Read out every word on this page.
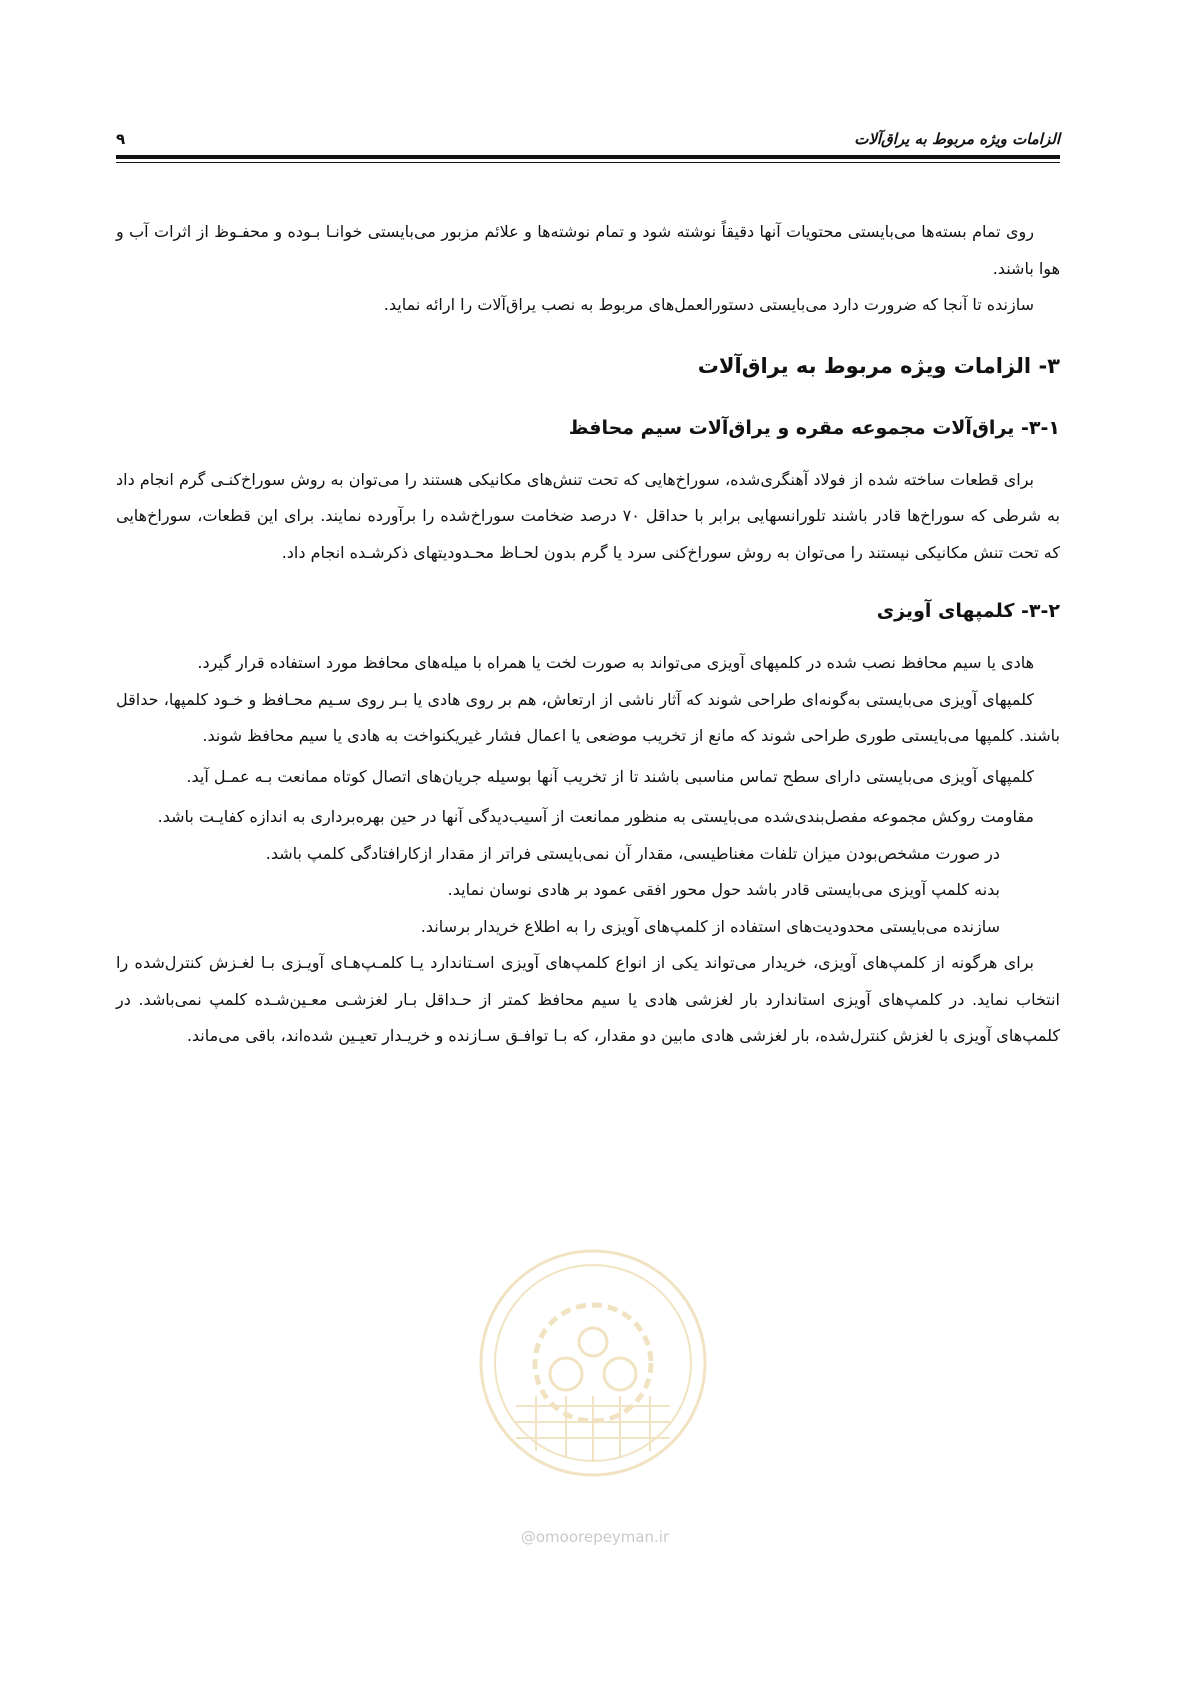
الزامات ویژه مربوط به یراق‌آلات
۹

روی تمام بسته‌ها می‌بایستی محتویات آنها دقیقاً نوشته شود و تمام نوشته‌ها و علائم مزبور می‌بایستی خوانـا بـوده و محفـوظ از اثرات آب و هوا باشند.

سازنده تا آنجا که ضرورت دارد می‌بایستی دستورالعمل‌های مربوط به نصب یراق‌آلات را ارائه نماید.

۳- الزامات ویژه مربوط به یراق‌آلات
۳-۱- یراق‌آلات مجموعه مقره و یراق‌آلات سیم محافظ

برای قطعات ساخته شده از فولاد آهنگری‌شده، سوراخ‌هایی که تحت تنش‌های مکانیکی هستند را می‌توان به روش سوراخ‌کنـی گرم انجام داد به شرطی که سوراخ‌ها قادر باشند تلورانسهایی برابر با حداقل ۷۰ درصد ضخامت سوراخ‌شده را برآورده نمایند. برای این قطعات، سوراخ‌هایی که تحت تنش مکانیکی نیستند را می‌توان به روش سوراخ‌کنی سرد یا گرم بدون لحـاظ محـدودیتهای ذکرشـده انجام داد.

۳-۲- کلمپهای آویزی

هادی یا سیم محافظ نصب شده در کلمپهای آویزی می‌تواند به صورت لخت یا همراه با میله‌های محافظ مورد استفاده قرار گیرد.

کلمپهای آویزی می‌بایستی به‌گونه‌ای طراحی شوند که آثار ناشی از ارتعاش، هم بر روی هادی یا بـر روی سـیم محـافظ و خـود کلمپها، حداقل باشند. کلمپها می‌بایستی طوری طراحی شوند که مانع از تخریب موضعی یا اعمال فشار غیریکنواخت به هادی یا سیم محافظ شوند.

کلمپهای آویزی می‌بایستی دارای سطح تماس مناسبی باشند تا از تخریب آنها بوسیله جریان‌های اتصال کوتاه ممانعت بـه عمـل آید.

مقاومت روکش مجموعه مفصل‌بندی‌شده می‌بایستی به منظور ممانعت از آسیب‌دیدگی آنها در حین بهره‌برداری به اندازه کفایـت باشد.

در صورت مشخص‌بودن میزان تلفات مغناطیسی، مقدار آن نمی‌بایستی فراتر از مقدار ازکارافتادگی کلمپ باشد.

بدنه کلمپ آویزی می‌بایستی قادر باشد حول محور افقی عمود بر هادی نوسان نماید.

سازنده می‌بایستی محدودیت‌های استفاده از کلمپ‌های آویزی را به اطلاع خریدار برساند.

برای هرگونه از کلمپ‌های آویزی، خریدار می‌تواند یکی از انواع کلمپ‌های آویزی اسـتاندارد یـا کلمـپ‌هـای آویـزی بـا لغـزش کنترل‌شده را انتخاب نماید. در کلمپ‌های آویزی استاندارد بار لغزشی هادی یا سیم محافظ کمتر از حـداقل بـار لغزشـی معـین‌شـده کلمپ نمی‌باشد. در کلمپ‌های آویزی با لغزش کنترل‌شده، بار لغزشی هادی مابین دو مقدار، که بـا توافـق سـازنده و خریـدار تعیـین شده‌اند، باقی می‌ماند.

@omoorepeyman.ir
